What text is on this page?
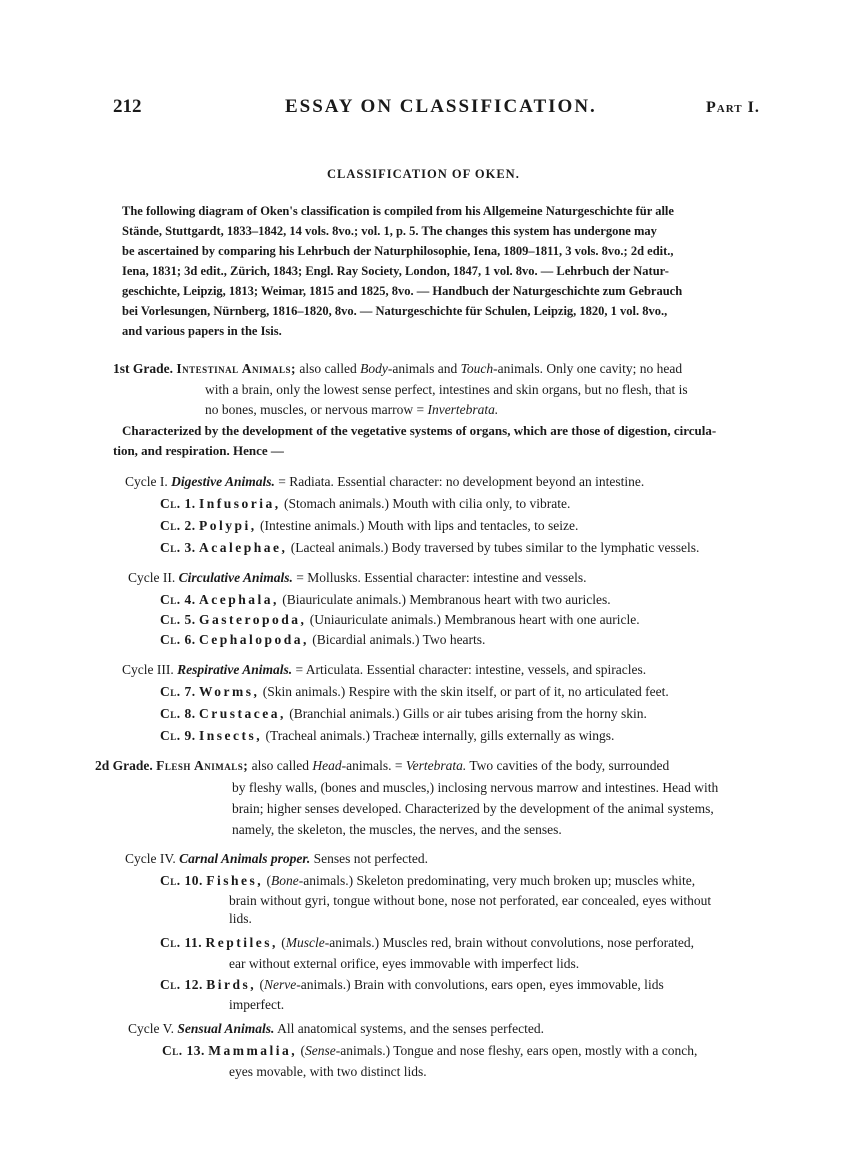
212	ESSAY ON CLASSIFICATION.	Part I.
CLASSIFICATION OF OKEN.
The following diagram of Oken's classification is compiled from his Allgemeine Naturgeschichte für alle
Stände, Stuttgardt, 1833–1842, 14 vols. 8vo.; vol. 1, p. 5. The changes this system has undergone may
be ascertained by comparing his Lehrbuch der Naturphilosophie, Iena, 1809–1811, 3 vols. 8vo.; 2d edit.,
Iena, 1831; 3d edit., Zürich, 1843; Engl. Ray Society, London, 1847, 1 vol. 8vo. — Lehrbuch der Natur-
geschichte, Leipzig, 1813; Weimar, 1815 and 1825, 8vo. — Handbuch der Naturgeschichte zum Gebrauch
bei Vorlesungen, Nürnberg, 1816–1820, 8vo. — Naturgeschichte für Schulen, Leipzig, 1820, 1 vol. 8vo.,
and various papers in the Isis.
1st Grade. Intestinal Animals; also called Body-animals and Touch-animals. Only one cavity; no head
with a brain, only the lowest sense perfect, intestines and skin organs, but no flesh, that is
no bones, muscles, or nervous marrow = Invertebrata.
Characterized by the development of the vegetative systems of organs, which are those of digestion, circula-
tion, and respiration. Hence —
Cycle I. Digestive Animals. = Radiata. Essential character: no development beyond an intestine.
Cl. 1. Infusoria, (Stomach animals.) Mouth with cilia only, to vibrate.
Cl. 2. Polypi, (Intestine animals.) Mouth with lips and tentacles, to seize.
Cl. 3. Acalephae, (Lacteal animals.) Body traversed by tubes similar to the lymphatic vessels.
Cycle II. Circulative Animals. = Mollusks. Essential character: intestine and vessels.
Cl. 4. Acephala, (Biauriculate animals.) Membranous heart with two auricles.
Cl. 5. Gasteropoda, (Uniauriculate animals.) Membranous heart with one auricle.
Cl. 6. Cephalopoda, (Bicardial animals.) Two hearts.
Cycle III. Respirative Animals. = Articulata. Essential character: intestine, vessels, and spiracles.
Cl. 7. Worms, (Skin animals.) Respire with the skin itself, or part of it, no articulated feet.
Cl. 8. Crustacea, (Branchial animals.) Gills or air tubes arising from the horny skin.
Cl. 9. Insects, (Tracheal animals.) Tracheæ internally, gills externally as wings.
2d Grade. Flesh Animals; also called Head-animals. = Vertebrata. Two cavities of the body, surrounded
by fleshy walls, (bones and muscles,) inclosing nervous marrow and intestines. Head with
brain; higher senses developed. Characterized by the development of the animal systems,
namely, the skeleton, the muscles, the nerves, and the senses.
Cycle IV. Carnal Animals proper. Senses not perfected.
Cl. 10. Fishes, (Bone-animals.) Skeleton predominating, very much broken up; muscles white,
brain without gyri, tongue without bone, nose not perforated, ear concealed, eyes without
lids.
Cl. 11. Reptiles, (Muscle-animals.) Muscles red, brain without convolutions, nose perforated,
ear without external orifice, eyes immovable with imperfect lids.
Cl. 12. Birds, (Nerve-animals.) Brain with convolutions, ears open, eyes immovable, lids
imperfect.
Cycle V. Sensual Animals. All anatomical systems, and the senses perfected.
Cl. 13. Mammalia, (Sense-animals.) Tongue and nose fleshy, ears open, mostly with a conch,
eyes movable, with two distinct lids.
